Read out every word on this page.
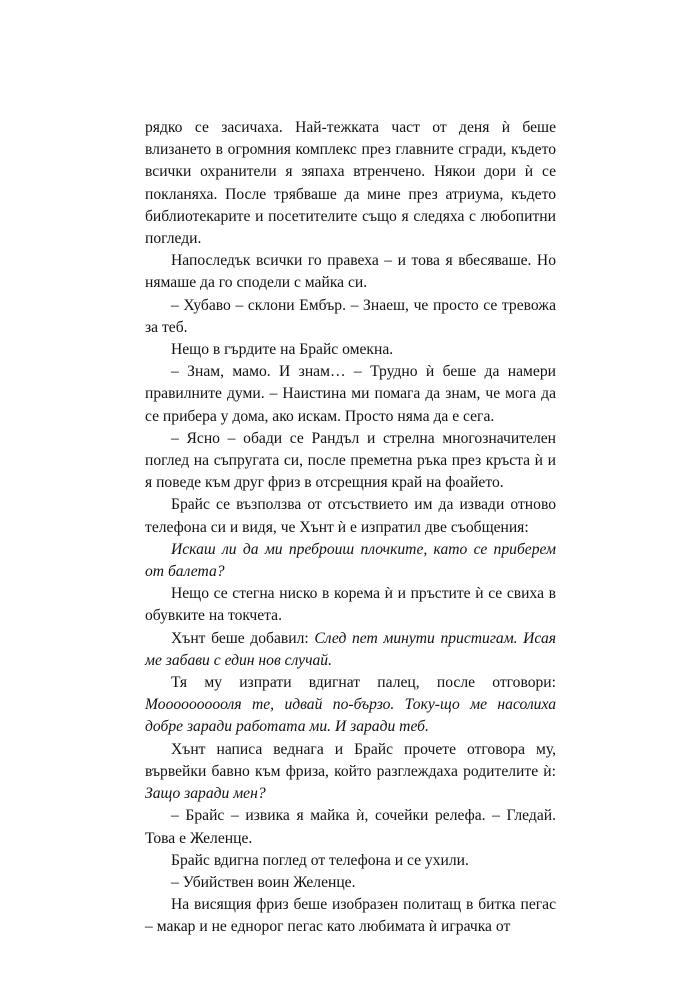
рядко се засичаха. Най-тежката част от деня ѝ беше влизането в огромния комплекс през главните сгради, където всички охранители я зяпаха втренчено. Някои дори ѝ се покланяха. После трябваше да мине през атриума, където библиотекарите и посетителите също я следяха с любопитни погледи.

Напоследък всички го правеха – и това я вбесяваше. Но нямаше да го сподели с майка си.

– Хубаво – склони Ембър. – Знаеш, че просто се тревожа за теб.

Нещо в гърдите на Брайс омекна.

– Знам, мамо. И знам… – Трудно ѝ беше да намери правилните думи. – Наистина ми помага да знам, че мога да се прибера у дома, ако искам. Просто няма да е сега.

– Ясно – обади се Рандъл и стрелна многозначителен поглед на съпругата си, после преметна ръка през кръста ѝ и я поведе към друг фриз в отсрещния край на фоайето.

Брайс се възползва от отсъствието им да извади отново телефона си и видя, че Хънт ѝ е изпратил две съобщения:

Искаш ли да ми преброиш плочките, като се приберем от балета?

Нещо се стегна ниско в корема ѝ и пръстите ѝ се свиха в обувките на токчета.

Хънт беше добавил: След пет минути пристигам. Исая ме забави с един нов случай.

Тя му изпрати вдигнат палец, после отговори: Моооооооооля те, идвай по-бързо. Току-що ме насолиха добре заради работата ми. И заради теб.

Хънт написа веднага и Брайс прочете отговора му, вървейки бавно към фриза, който разглеждаха родителите ѝ: Защо заради мен?

– Брайс – извика я майка ѝ, сочейки релефа. – Гледай. Това е Желенце.

Брайс вдигна поглед от телефона и се ухили.

– Убийствен воин Желенце.

На висящия фриз беше изобразен политащ в битка пегас – макар и не еднорог пегас като любимата ѝ играчка от
